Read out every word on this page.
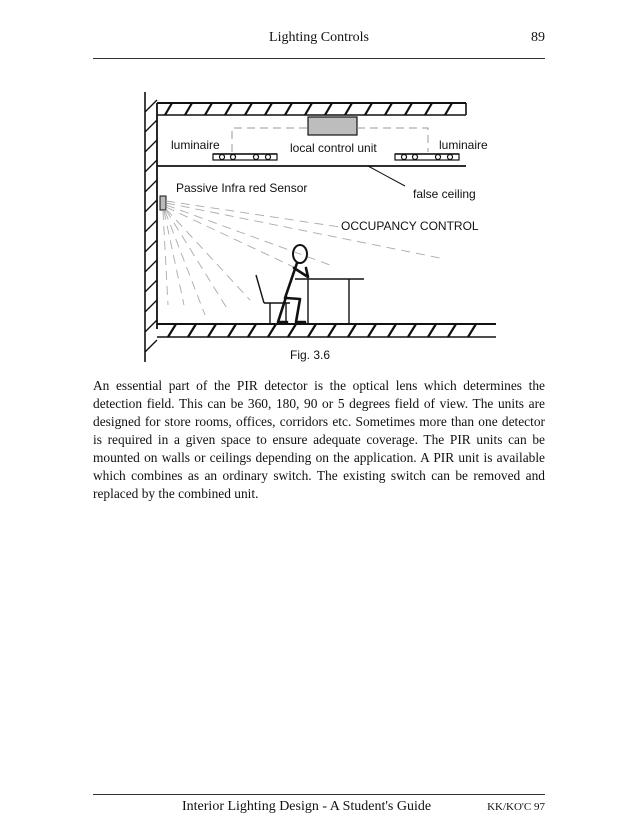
Lighting Controls	89
luminaire	local control unit	luminaire
Passive Infra red Sensor	false ceiling
OCCUPANCY CONTROL
Fig. 3.6

An essential part of the PIR detector is the optical lens which determines the detection field. This can be 360, 180, 90 or 5 degrees field of view. The units are designed for store rooms, offices, corridors etc. Sometimes more than one detector is required in a given space to ensure adequate coverage. The PIR units can be mounted on walls or ceilings depending on the application. A PIR unit is available which combines as an ordinary switch. The existing switch can be removed and replaced by the combined unit.

Interior Lighting Design - A Student's Guide	KK/KO'C 97
